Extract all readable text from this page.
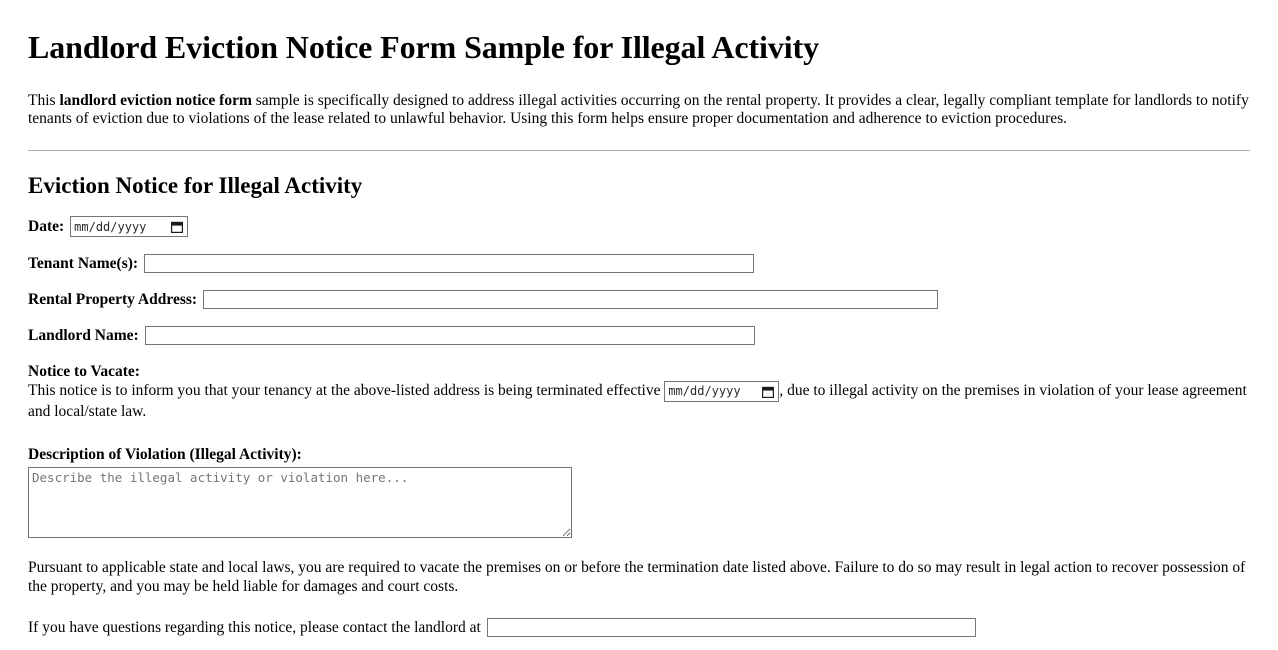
Landlord Eviction Notice Form Sample for Illegal Activity

This landlord eviction notice form sample is specifically designed to address illegal activities occurring on the rental property. It provides a clear, legally compliant template for landlords to notify tenants of eviction due to violations of the lease related to unlawful behavior. Using this form helps ensure proper documentation and adherence to eviction procedures.

Eviction Notice for Illegal Activity
Date: mm/dd/yyyy
Tenant Name(s):
Rental Property Address:
Landlord Name:
Notice to Vacate:

This notice is to inform you that your tenancy at the above-listed address is being terminated effective mm/dd/yyyy	, due to illegal activity on the premises in violation of your lease agreement and local/state law.

Description of Violation (Illegal Activity):
Describe the illegal activity or violation here...

Pursuant to applicable state and local laws, you are required to vacate the premises on or before the termination date listed above. Failure to do so may result in legal action to recover possession of the property, and you may be held liable for damages and court costs.

If you have questions regarding this notice, please contact the landlord at
